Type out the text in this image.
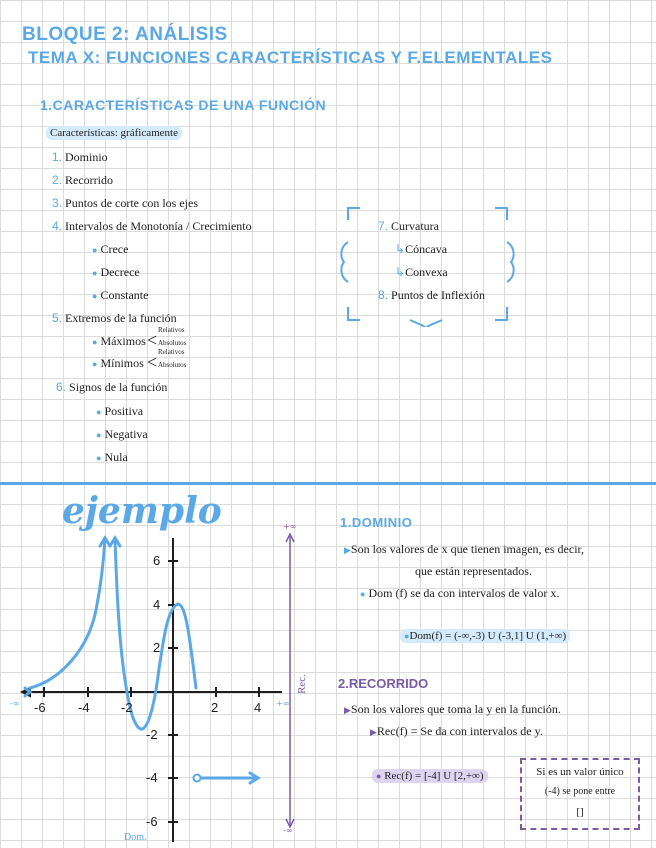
BLOQUE 2: ANÁLISIS
TEMA X: FUNCIONES CARACTERÍSTICAS Y F.ELEMENTALES
1.CARACTERÍSTICAS DE UNA FUNCIÓN
Características: gráficamente
1. Dominio
2. Recorrido
3. Puntos de corte con los ejes
4. Intervalos de Monotonía / Crecimiento
● Crece
● Decrece
● Constante
5. Extremos de la función
● Máximos < Relativos
Absolutos
● Mínimos < Relativos
Absolutos
6. Signos de la función
● Positiva
● Negativa
● Nula
7. Curvatura
↳Cóncava
↳Convexa
8. Puntos de Inflexión
ejemplo
-6 -4 -2	2	4
6
4
2
-2
-4
-6
+∞
-∞
-∞	+∞
Rec.
Dom.
1.DOMINIO
▶Son los valores de x que tienen imagen, es decir,
que están representados.
● Dom (f) se da con intervalos de valor x.
●Dom(f) = (-∞,-3) U (-3,1] U (1,+∞)
2.RECORRIDO
▶Son los valores que toma la y en la función.
▶Rec(f) = Se da con intervalos de y.
● Rec(f) = [-4] U [2,+∞)	Si es un valor único
(-4) se pone entre
[]
